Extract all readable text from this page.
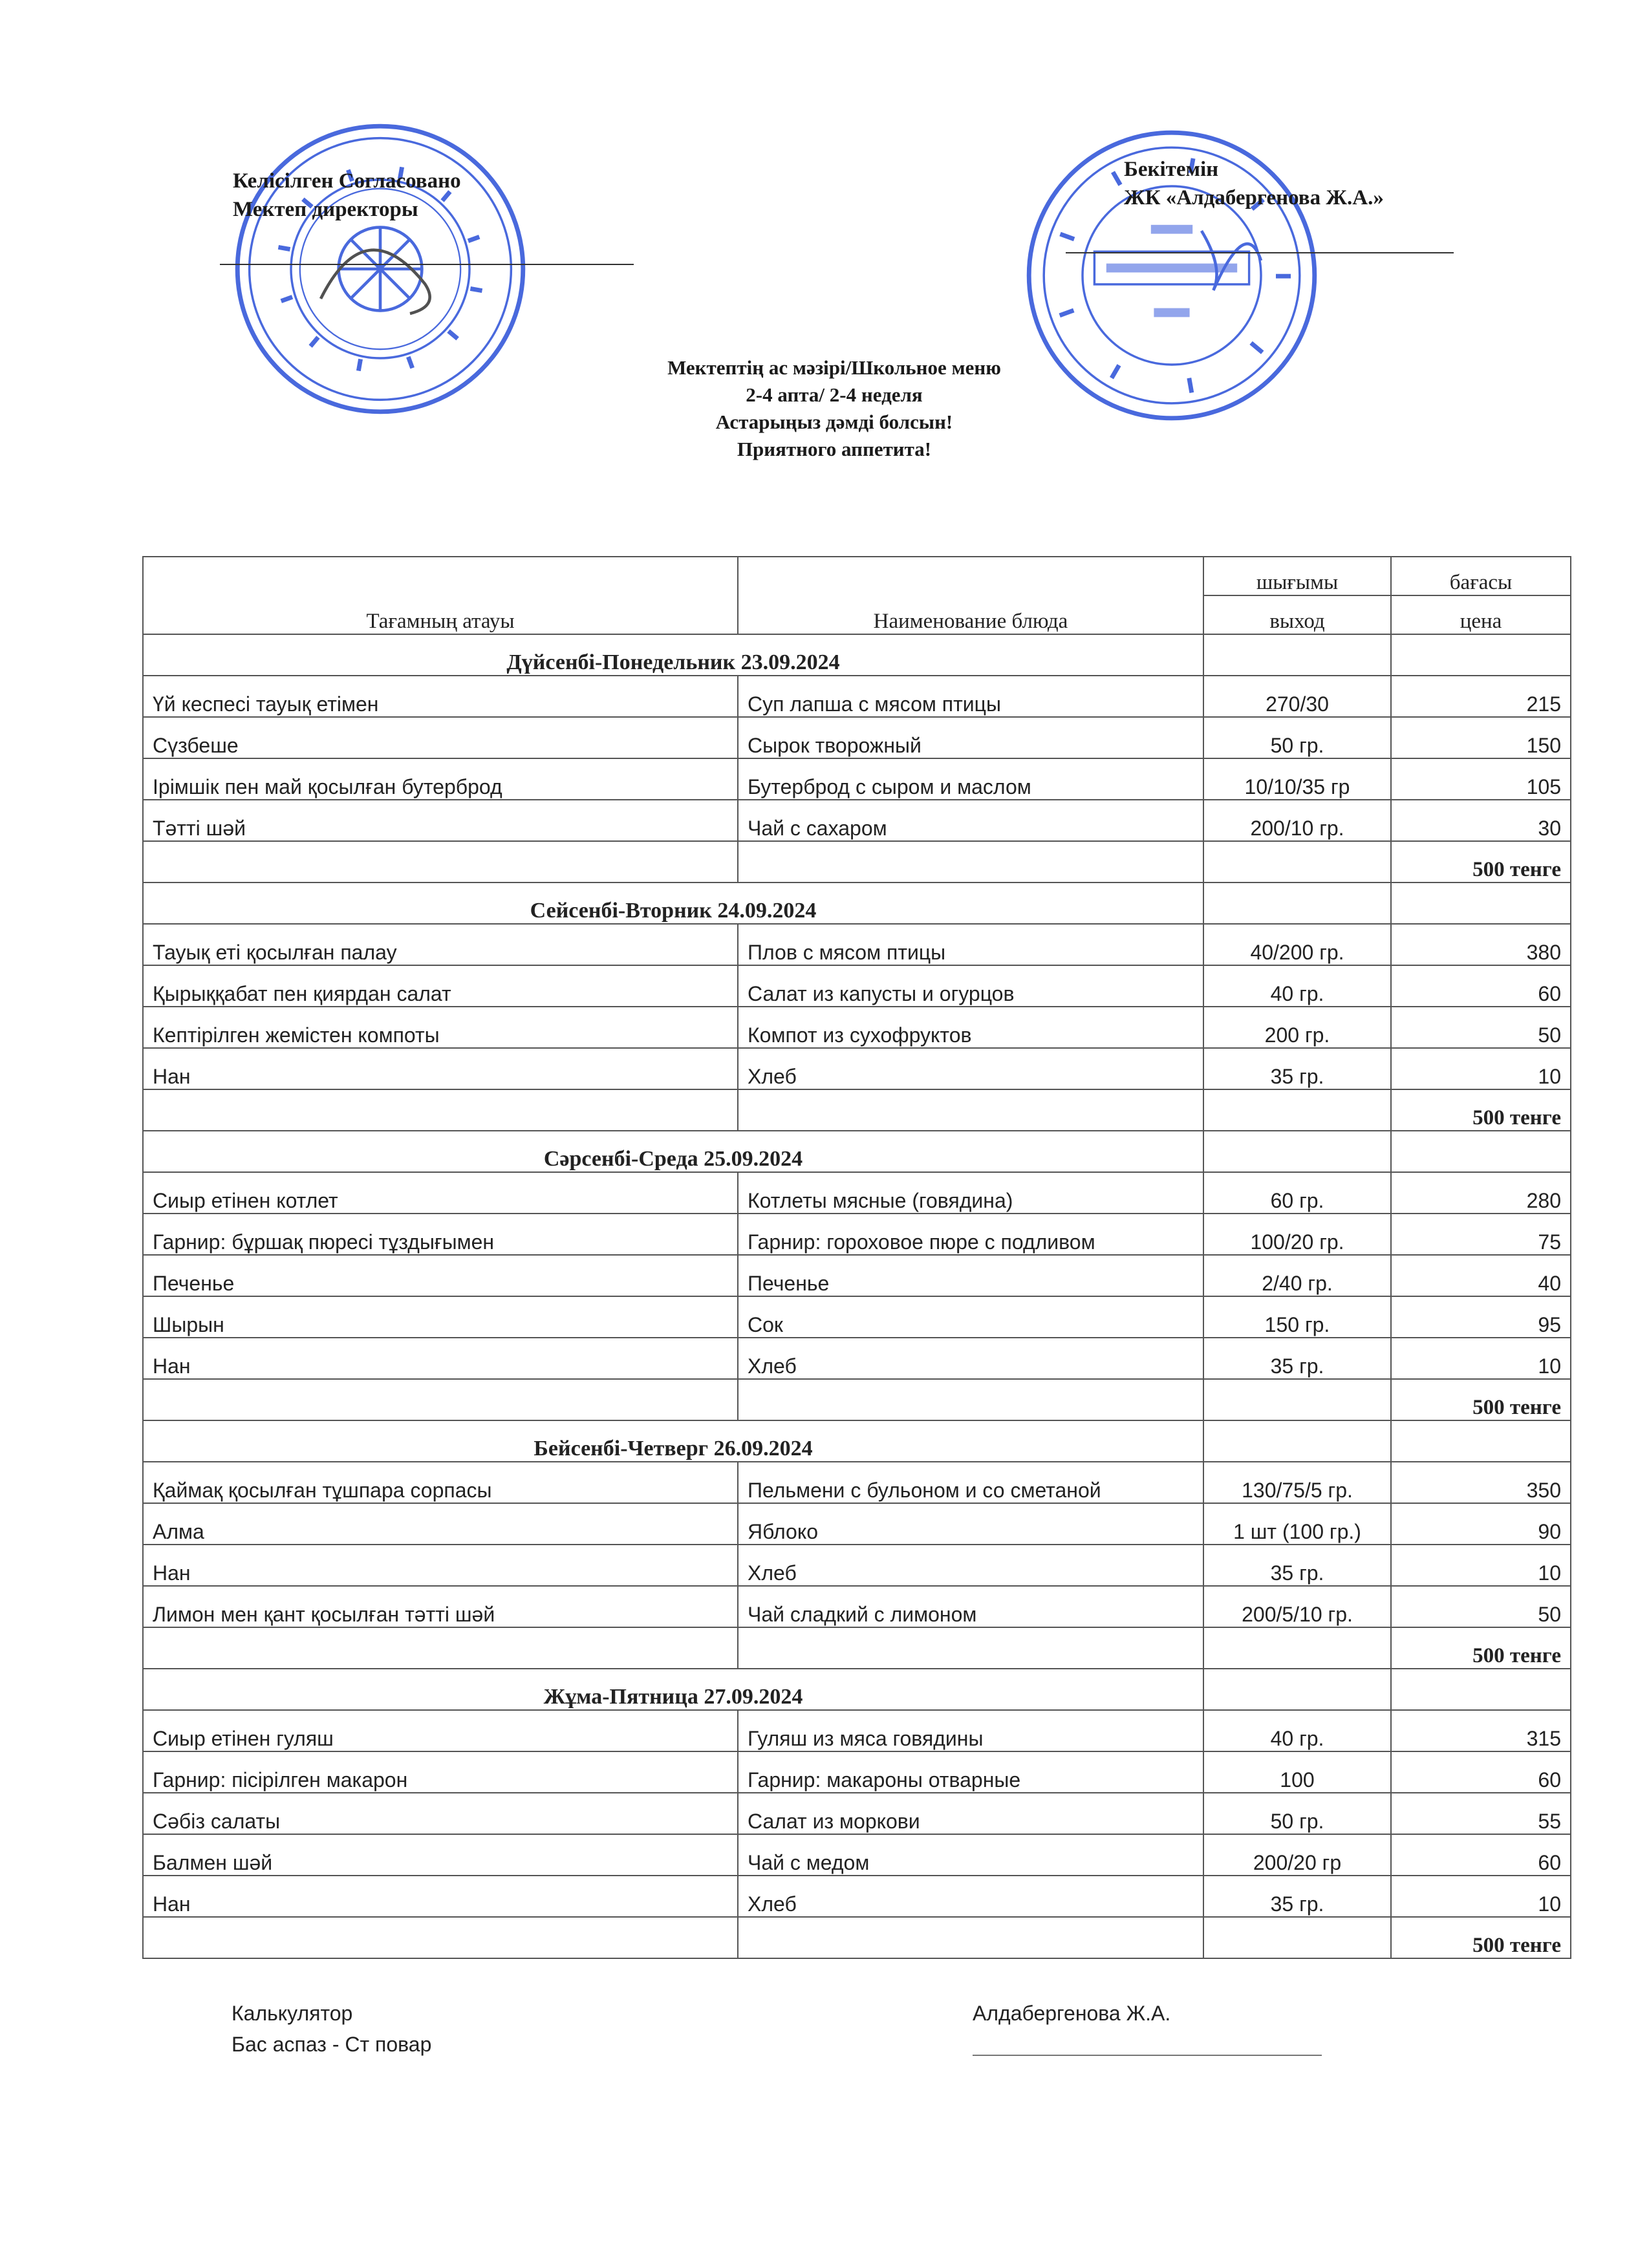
Келісілген Согласовано
Мектеп директоры
Бекітемін
ЖК «Алдабергенова Ж.А.»
Мектептің ас мәзірі/Школьное меню
2-4 апта/ 2-4 неделя
Астарыңыз дәмді болсын!
Приятного аппетита!
Тағамның атауы	Наименование блюда	шығымы	бағасы
		выход	цена
Дүйсенбі-Понедельник 23.09.2024			
Үй кеспесі тауық етімен	Суп лапша с мясом птицы	270/30	215
Сүзбеше	Сырок творожный	50 гр.	150
Ірімшік пен май қосылған бутерброд	Бутерброд с сыром и маслом	10/10/35 гр	105
Тәтті шәй	Чай с сахаром	200/10 гр.	30
			500 тенге
Сейсенбі-Вторник 24.09.2024			
Тауық еті қосылған палау	Плов с мясом птицы	40/200 гр.	380
Қырыққабат пен қиярдан салат	Салат из капусты и огурцов	40 гр.	60
Кептірілген жемістен компоты	Компот из сухофруктов	200 гр.	50
Нан	Хлеб	35 гр.	10
			500 тенге
Сәрсенбі-Среда 25.09.2024			
Сиыр етінен котлет	Котлеты мясные (говядина)	60 гр.	280
Гарнир: бұршақ пюресі тұздығымен	Гарнир: гороховое пюре с подливом	100/20 гр.	75
Печенье	Печенье	2/40 гр.	40
Шырын	Сок	150 гр.	95
Нан	Хлеб	35 гр.	10
			500 тенге
Бейсенбі-Четверг 26.09.2024			
Қаймақ қосылған тұшпара сорпасы	Пельмени с бульоном и со сметаной	130/75/5 гр.	350
Алма	Яблоко	1 шт (100 гр.)	90
Нан	Хлеб	35 гр.	10
Лимон мен қант қосылған тәтті шәй	Чай сладкий с лимоном	200/5/10 гр.	50
			500 тенге
Жұма-Пятница 27.09.2024			
Сиыр етінен гуляш	Гуляш из мяса говядины	40 гр.	315
Гарнир: пісірілген макарон	Гарнир: макароны отварные	100	60
Сәбіз салаты	Салат из моркови	50 гр.	55
Балмен шәй	Чай с медом	200/20 гр	60
Нан	Хлеб	35 гр.	10
			500 тенге
Калькулятор
Бас аспаз - Ст повар
Алдабергенова Ж.А.
